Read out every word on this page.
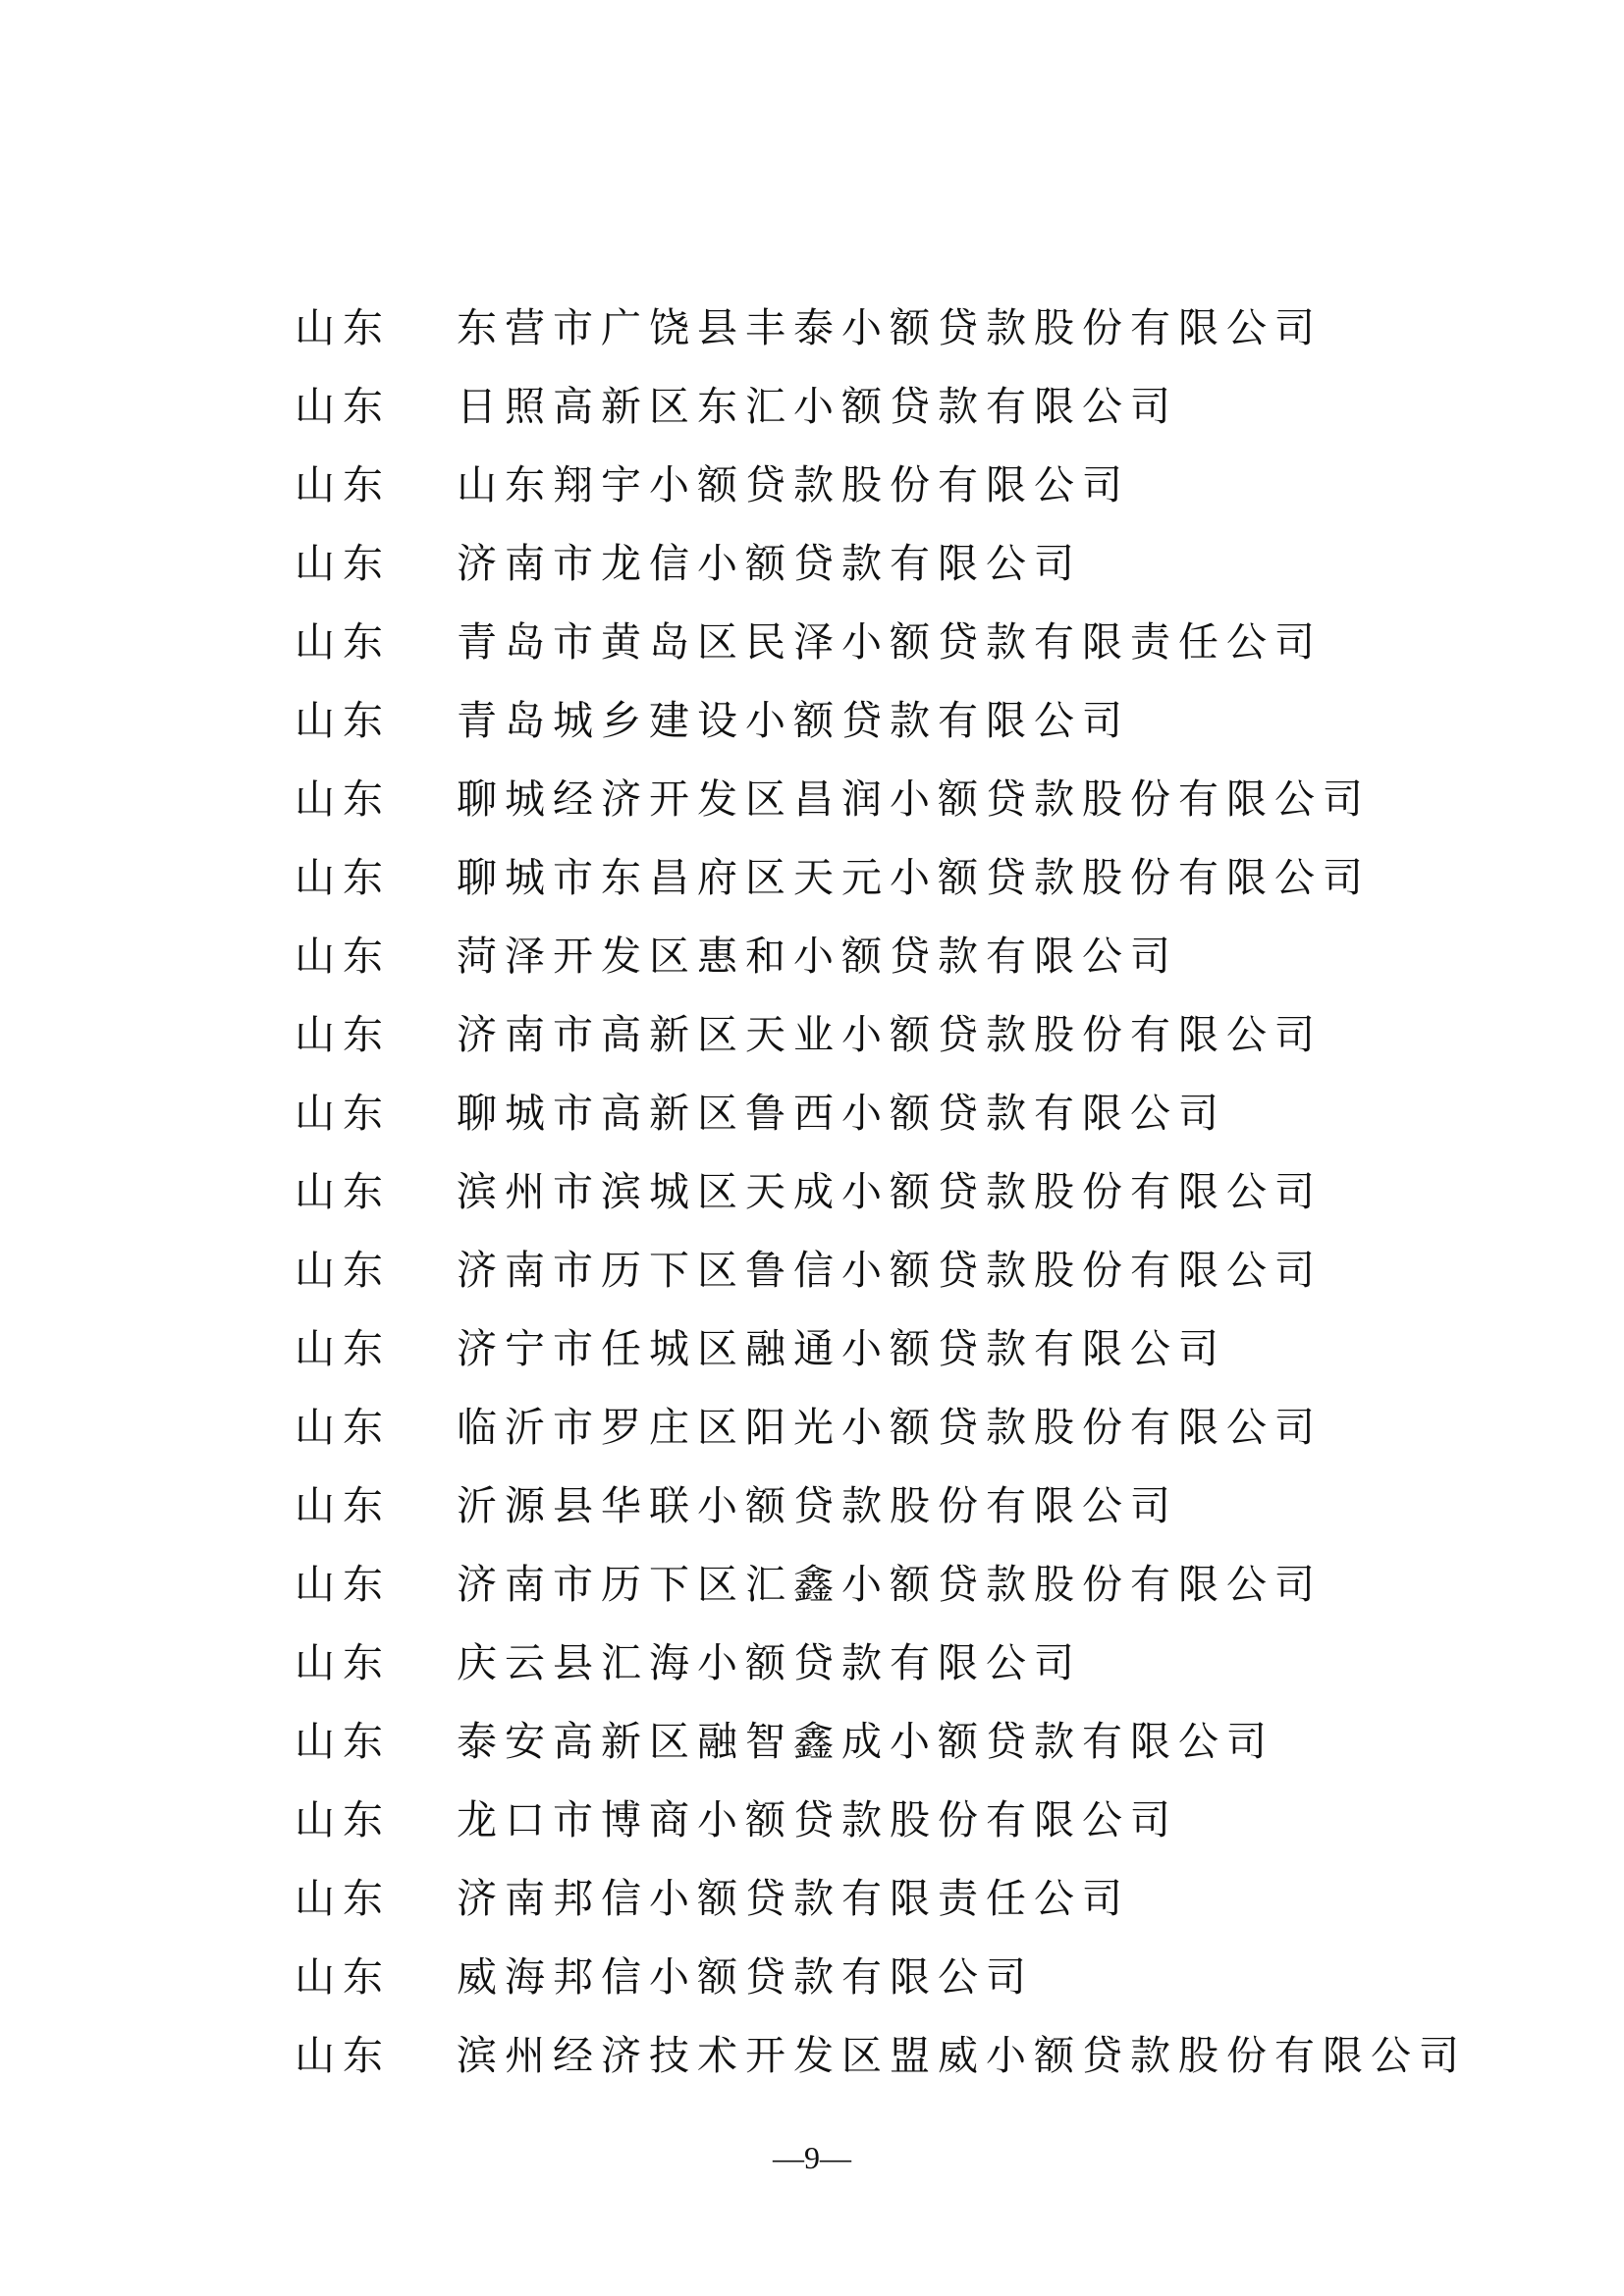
山东	东营市广饶县丰泰小额贷款股份有限公司
山东	日照高新区东汇小额贷款有限公司
山东	山东翔宇小额贷款股份有限公司
山东	济南市龙信小额贷款有限公司
山东	青岛市黄岛区民泽小额贷款有限责任公司
山东	青岛城乡建设小额贷款有限公司
山东	聊城经济开发区昌润小额贷款股份有限公司
山东	聊城市东昌府区天元小额贷款股份有限公司
山东	菏泽开发区惠和小额贷款有限公司
山东	济南市高新区天业小额贷款股份有限公司
山东	聊城市高新区鲁西小额贷款有限公司
山东	滨州市滨城区天成小额贷款股份有限公司
山东	济南市历下区鲁信小额贷款股份有限公司
山东	济宁市任城区融通小额贷款有限公司
山东	临沂市罗庄区阳光小额贷款股份有限公司
山东	沂源县华联小额贷款股份有限公司
山东	济南市历下区汇鑫小额贷款股份有限公司
山东	庆云县汇海小额贷款有限公司
山东	泰安高新区融智鑫成小额贷款有限公司
山东	龙口市博商小额贷款股份有限公司
山东	济南邦信小额贷款有限责任公司
山东	威海邦信小额贷款有限公司
山东	滨州经济技术开发区盟威小额贷款股份有限公司
—9—
